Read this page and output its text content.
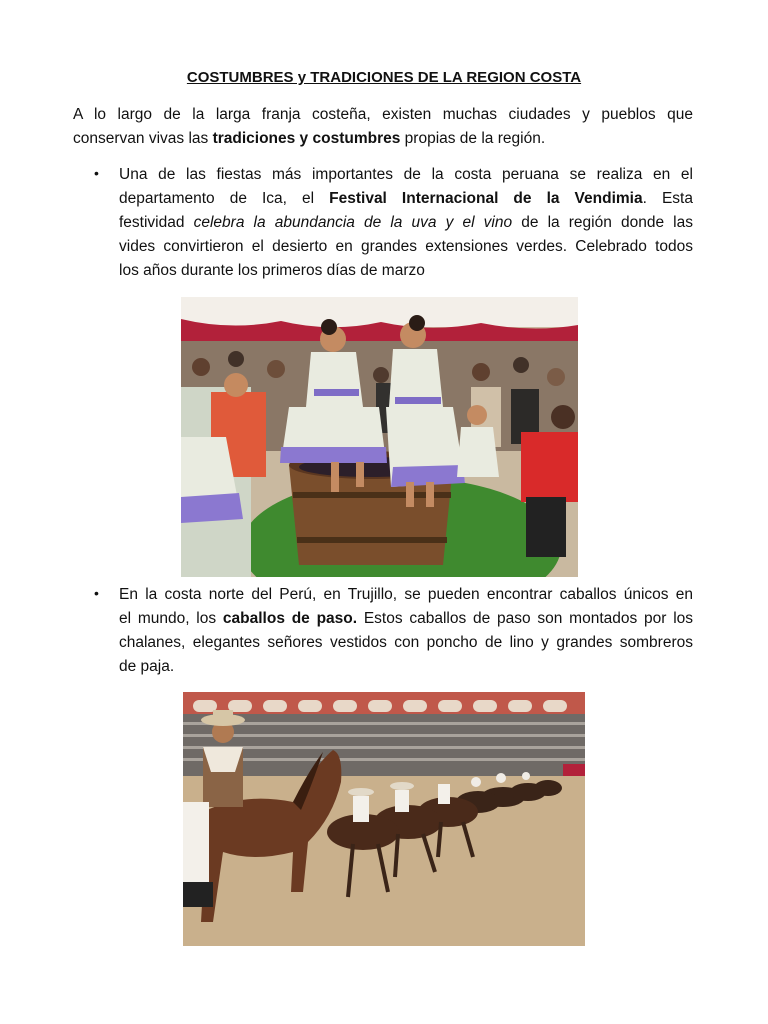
COSTUMBRES y TRADICIONES DE LA REGION COSTA
A lo largo de la larga franja costeña, existen muchas ciudades y pueblos que
conservan vivas las tradiciones y costumbres propias de la región.
• Una de las fiestas más importantes de la costa peruana se realiza en el
departamento de Ica, el Festival Internacional de la Vendimia. Esta
festividad celebra la abundancia de la uva y el vino de la región donde las
vides convirtieron el desierto en grandes extensiones verdes. Celebrado todos
los años durante los primeros días de marzo
• En la costa norte del Perú, en Trujillo, se pueden encontrar caballos únicos en
el mundo, los caballos de paso. Estos caballos de paso son montados por los
chalanes, elegantes señores vestidos con poncho de lino y grandes sombreros
de paja.
